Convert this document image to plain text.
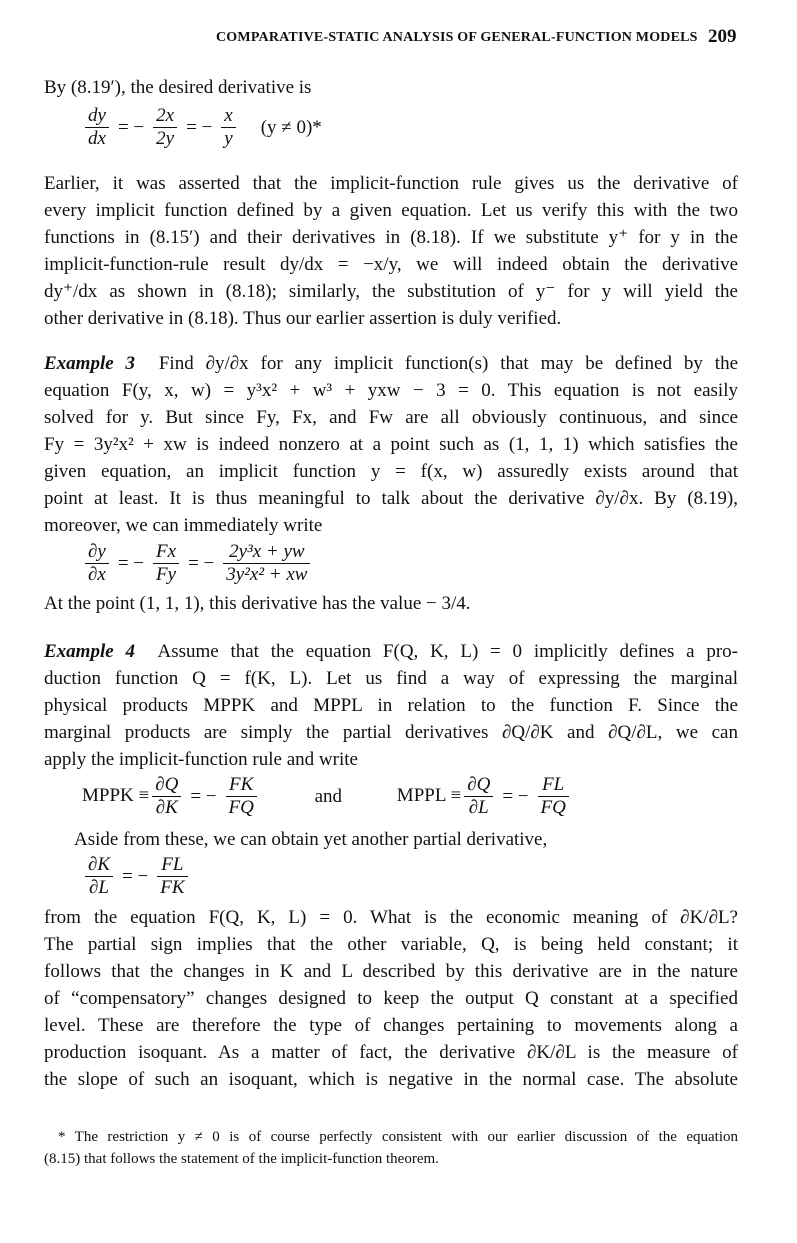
COMPARATIVE-STATIC ANALYSIS OF GENERAL-FUNCTION MODELS 209
By (8.19′), the desired derivative is
$\frac{dy}{dx}$ = − $\frac{2x}{2y}$ = − $\frac{x}{y} (y \ne 0)*$
Earlier, it was asserted that the implicit-function rule gives us the derivative of
every implicit function defined by a given equation. Let us verify this with the two
functions in (8.15′) and their derivatives in (8.18). If we substitute y⁺ for y in the
implicit-function-rule result dy/dx = −x/y, we will indeed obtain the derivative
dy⁺/dx as shown in (8.18); similarly, the substitution of y⁻ for y will yield the
other derivative in (8.18). Thus our earlier assertion is duly verified.
Example 3 Find ∂y/∂x for any implicit function(s) that may be defined by the
equation F(y, x, w) = y³x² + w³ + yxw − 3 = 0. This equation is not easily
solved for y. But since Fy, Fx, and Fw are all obviously continuous, and since
Fy = 3y²x² + xw is indeed nonzero at a point such as (1, 1, 1) which satisfies the
given equation, an implicit function y = f(x, w) assuredly exists around that
point at least. It is thus meaningful to talk about the derivative ∂y/∂x. By (8.19),
moreover, we can immediately write
$\frac{\partial y}{\partial x}$ = − $\frac{Fx}{Fy}$ = − $\frac{\text{2y³x + yw}}{\text{3y²x² + xw}}$
At the point (1, 1, 1), this derivative has the value − 3/4.
Example 4 Assume that the equation F(Q, K, L) = 0 implicitly defines a pro-
duction function Q = f(K, L). Let us find a way of expressing the marginal
physical products MPPK and MPPL in relation to the function F. Since the
marginal products are simply the partial derivatives ∂Q/∂K and ∂Q/∂L, we can
apply the implicit-function rule and write
MPPK ≡ $\frac{\partial Q}{\partial K}$ = − $\frac{FK}{FQ}$	and	MPPL ≡ $\frac{\partial Q}{\partial L}$ = − $\frac{FL}{FQ}$
Aside from these, we can obtain yet another partial derivative,
$\frac{\partial K}{\partial L}$ = − $\frac{FL}{FK}$
from the equation F(Q, K, L) = 0. What is the economic meaning of ∂K/∂L?
The partial sign implies that the other variable, Q, is being held constant; it
follows that the changes in K and L described by this derivative are in the nature
of “compensatory” changes designed to keep the output Q constant at a specified
level. These are therefore the type of changes pertaining to movements along a
production isoquant. As a matter of fact, the derivative ∂K/∂L is the measure of
the slope of such an isoquant, which is negative in the normal case. The absolute
* The restriction y ≠ 0 is of course perfectly consistent with our earlier discussion of the equation
(8.15) that follows the statement of the implicit-function theorem.
